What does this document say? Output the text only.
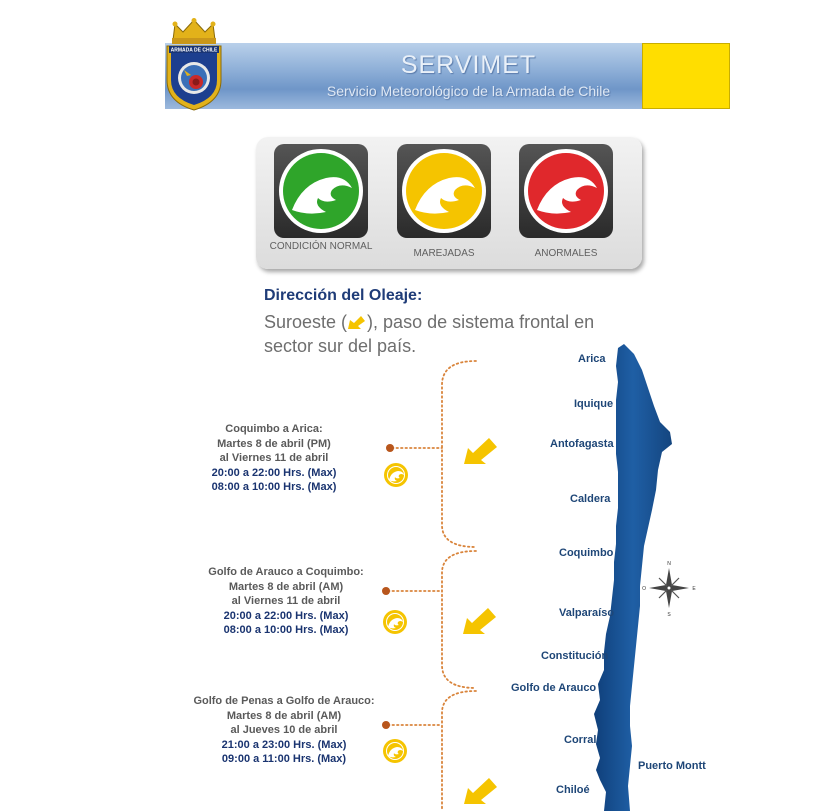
SERVIMET
Servicio Meteorológico de la Armada de Chile
ARMADA DE CHILE
CONDICIÓN NORMAL
MAREJADAS	ANORMALES
Dirección del Oleaje:
Suroeste ( ), paso de sistema frontal en sector sur del país.
Coquimbo a Arica:
Martes 8 de abril (PM)
al Viernes 11 de abril
20:00 a 22:00 Hrs. (Max)
08:00 a 10:00 Hrs. (Max)
Golfo de Arauco a Coquimbo:
Martes 8 de abril (AM)
al Viernes 11 de abril
20:00 a 22:00 Hrs. (Max)
08:00 a 10:00 Hrs. (Max)
Golfo de Penas a Golfo de Arauco:
Martes 8 de abril (AM)
al Jueves 10 de abril
21:00 a 23:00 Hrs. (Max)
09:00 a 11:00 Hrs. (Max)
N
S
E
O
Arica
Iquique
Antofagasta
Caldera
Coquimbo
Valparaíso
Constitución
Golfo de Arauco
Corral
Puerto Montt
Chiloé
